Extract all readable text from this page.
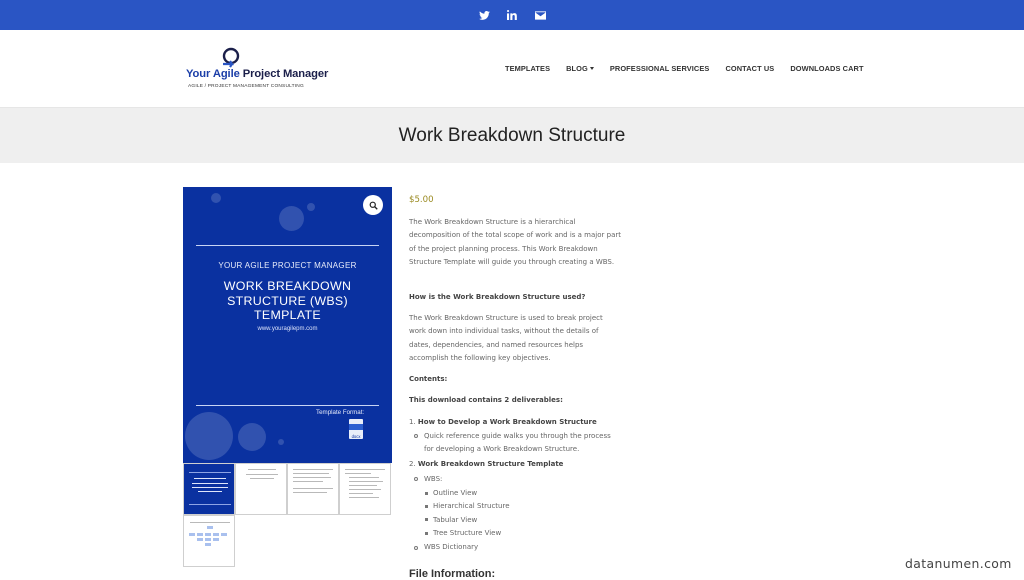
Your Agile Project Manager
AGILE / PROJECT MANAGEMENT CONSULTING
TEMPLATES BLOG	PROFESSIONAL SERVICES CONTACT US DOWNLOADS CART
Work Breakdown Structure
YOUR AGILE PROJECT MANAGER
WORK BREAKDOWN
STRUCTURE (WBS)
TEMPLATE
www.youragilepm.com
Template Format:
docx
$5.00
The Work Breakdown Structure is a hierarchical decomposition of the total scope of work and is a major part of the project planning process. This Work Breakdown Structure Template will guide you through creating a WBS.
How is the Work Breakdown Structure used?
The Work Breakdown Structure is used to break project work down into individual tasks, without the details of dates, dependencies, and named resources helps accomplish the following key objectives.
Contents:
This download contains 2 deliverables:
1. How to Develop a Work Breakdown Structure
Quick reference guide walks you through the process
for developing a Work Breakdown Structure.
2. Work Breakdown Structure Template
WBS:
Outline View
Hierarchical Structure
Tabular View
Tree Structure View
WBS Dictionary
File Information:
datanumen.com
